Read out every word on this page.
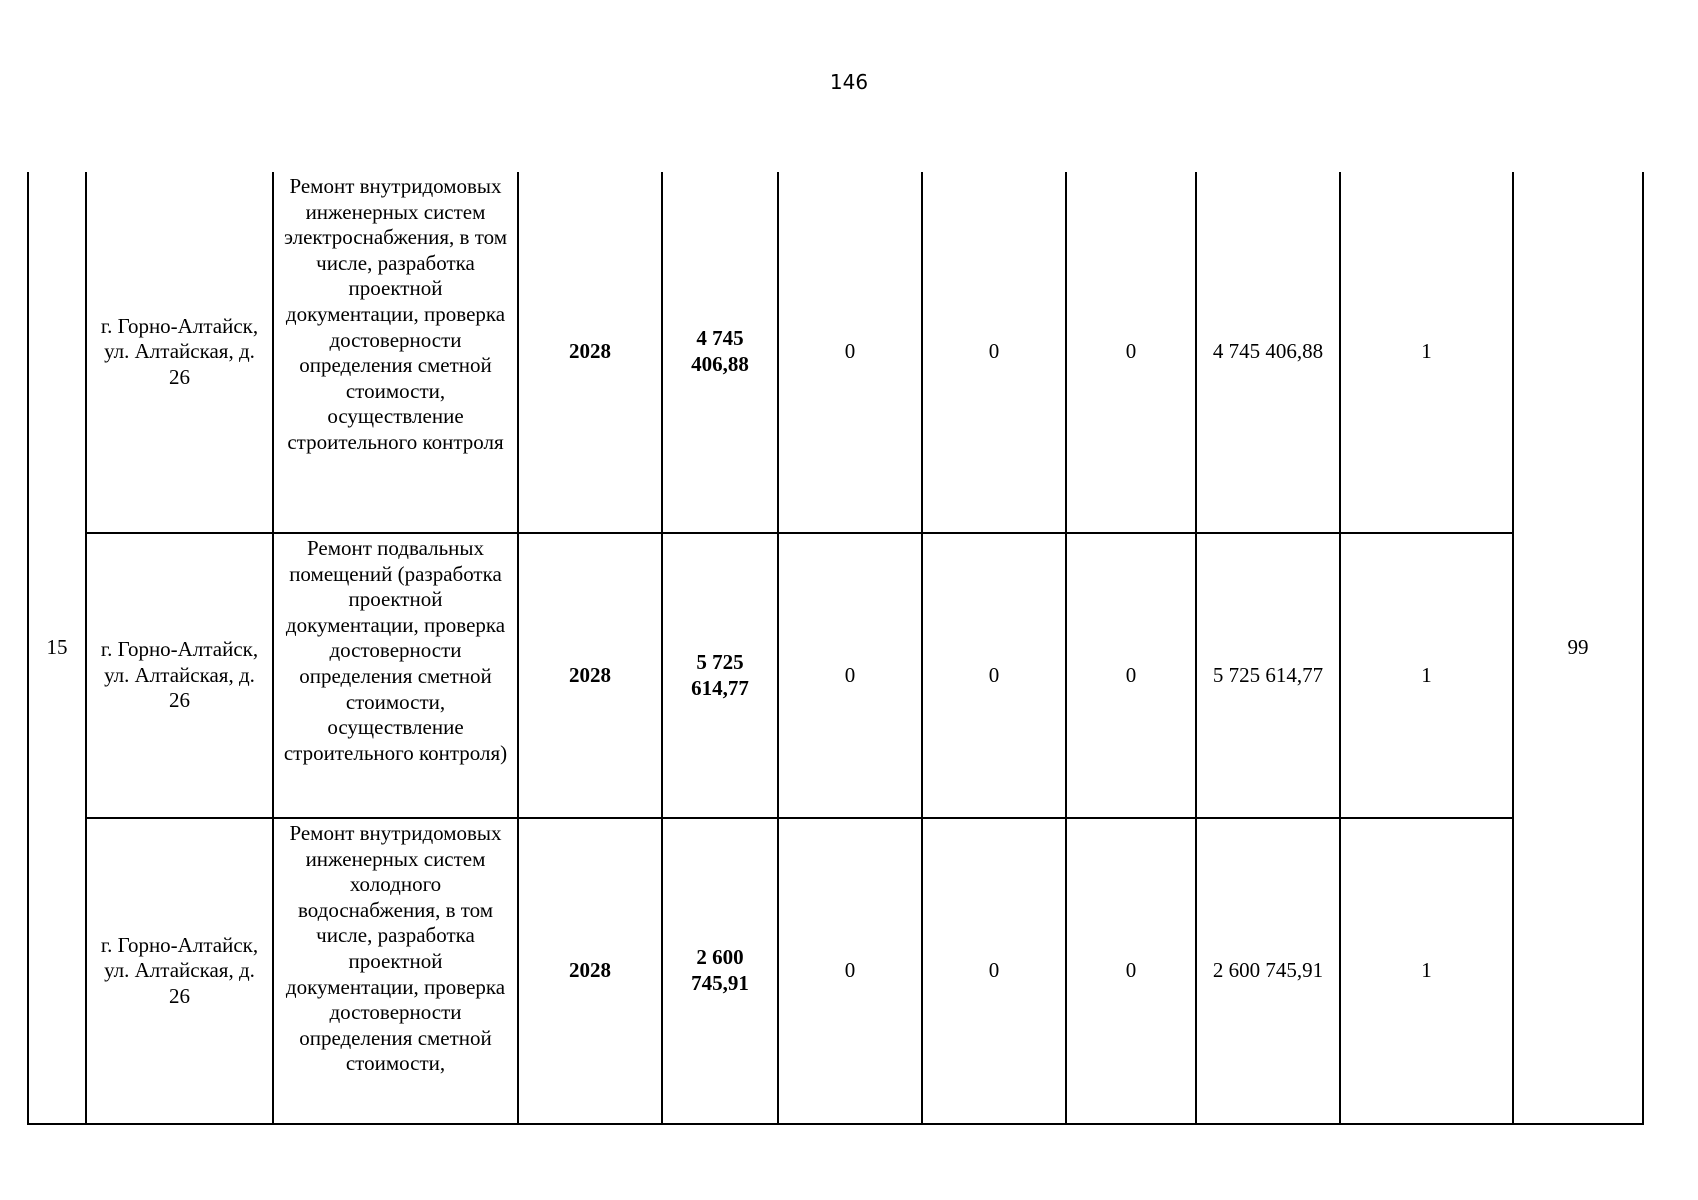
146
15	г. Горно-Алтайск, ул. Алтайская, д. 26	Ремонт внутридомовых инженерных систем электроснабжения, в том числе, разработка проектной документации, проверка достоверности определения сметной стоимости, осуществление строительного контроля	2028	4 745 406,88	0	0	0	4 745 406,88	1	99
	г. Горно-Алтайск, ул. Алтайская, д. 26	Ремонт подвальных помещений (разработка проектной документации, проверка достоверности определения сметной стоимости, осуществление строительного контроля)	2028	5 725 614,77	0	0	0	5 725 614,77	1	
	г. Горно-Алтайск, ул. Алтайская, д. 26	Ремонт внутридомовых инженерных систем холодного водоснабжения, в том числе, разработка проектной документации, проверка достоверности определения сметной стоимости,	2028	2 600 745,91	0	0	0	2 600 745,91	1	
